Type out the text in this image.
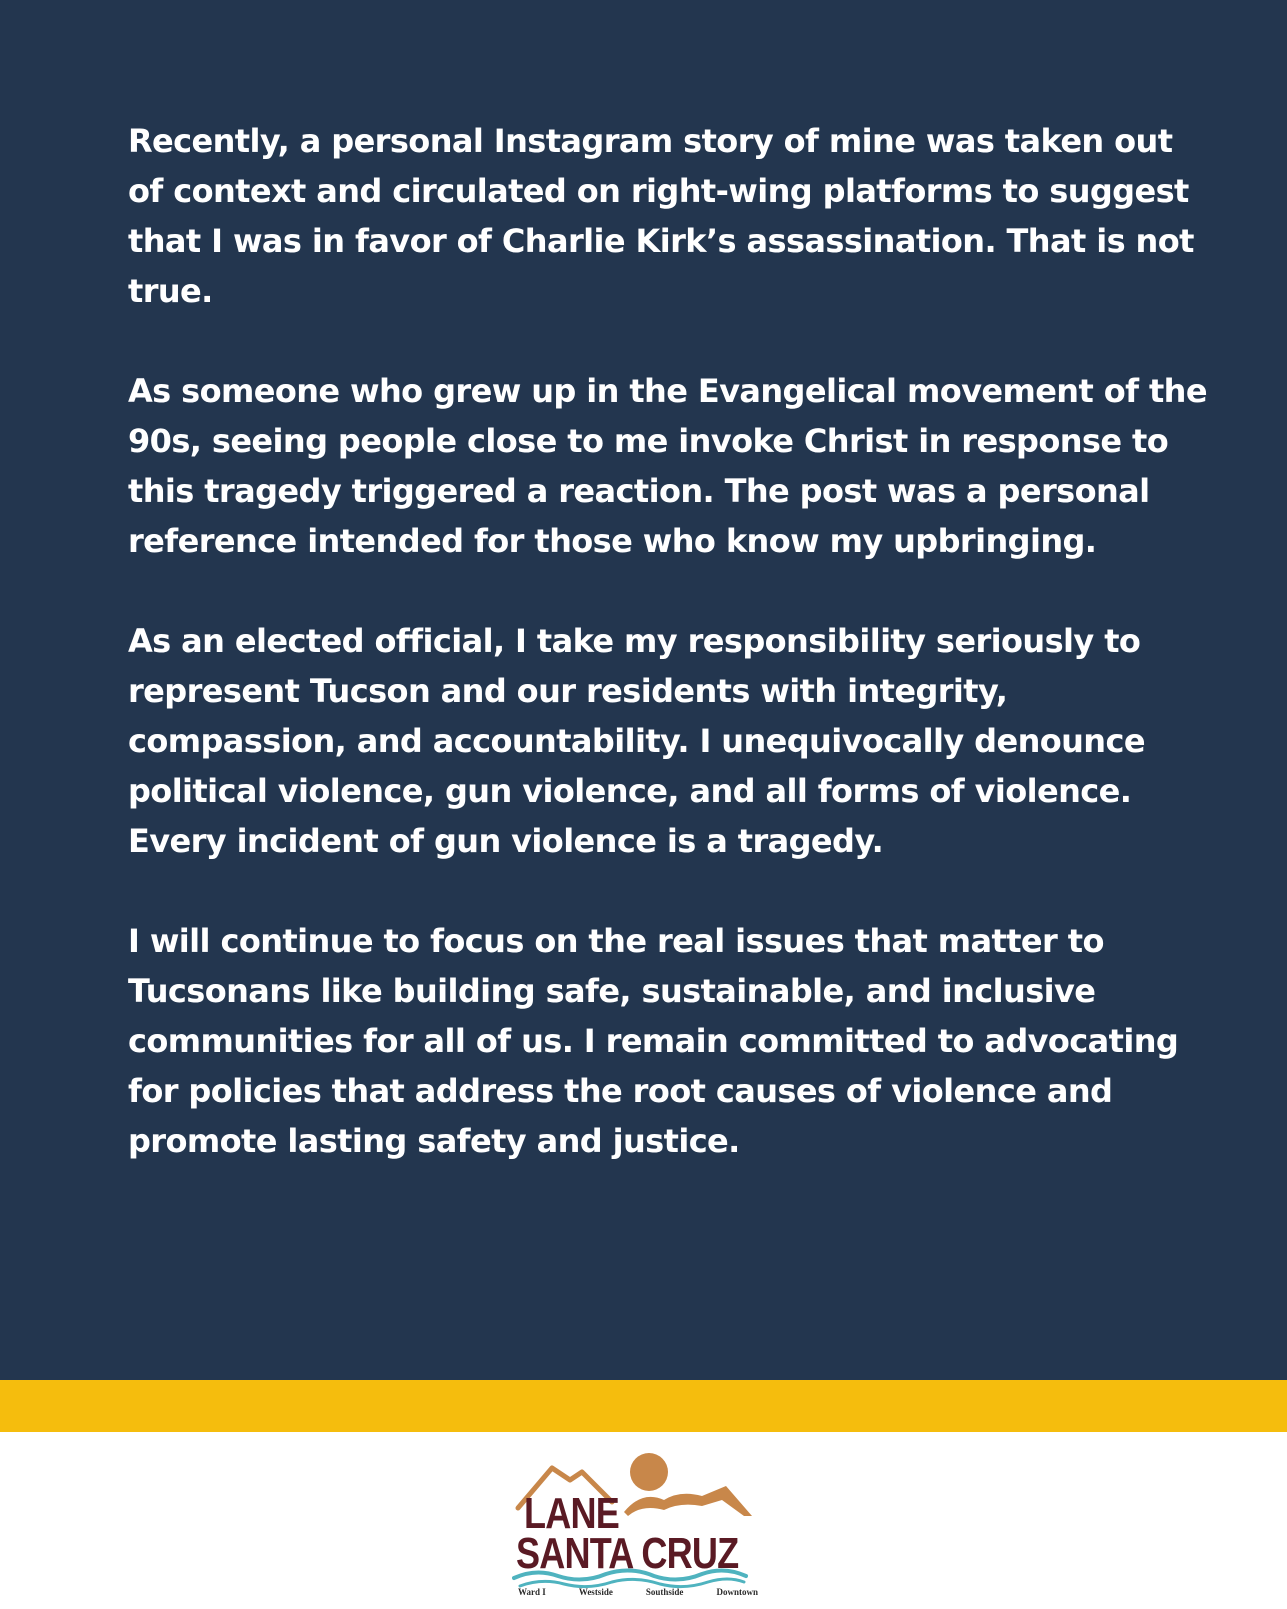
Recently, a personal Instagram story of mine was taken out of context and circulated on right-wing platforms to suggest that I was in favor of Charlie Kirk’s assassination. That is not true.

As someone who grew up in the Evangelical movement of the 90s, seeing people close to me invoke Christ in response to this tragedy triggered a reaction. The post was a personal reference intended for those who know my upbringing.

As an elected official, I take my responsibility seriously to represent Tucson and our residents with integrity, compassion, and accountability. I unequivocally denounce political violence, gun violence, and all forms of violence. Every incident of gun violence is a tragedy.

I will continue to focus on the real issues that matter to Tucsonans like building safe, sustainable, and inclusive communities for all of us. I remain committed to advocating for policies that address the root causes of violence and promote lasting safety and justice.

LANE
SANTA CRUZ
Ward I	Westside	Southside	Downtown
